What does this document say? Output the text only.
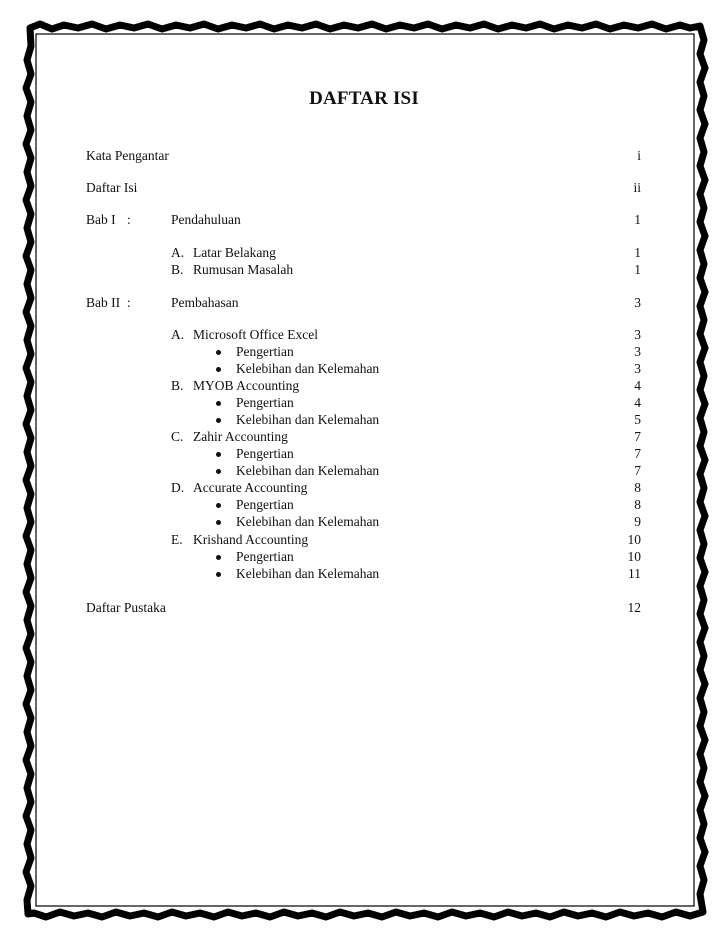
DAFTAR ISI
Kata Pengantar	i
Daftar Isi	ii
Bab I :	Pendahuluan	1
A. Latar Belakang	1
B. Rumusan Masalah	1
Bab II :	Pembahasan	3
A. Microsoft Office Excel	3
Pengertian	3
Kelebihan dan Kelemahan	3
B. MYOB Accounting	4
Pengertian	4
Kelebihan dan Kelemahan	5
C. Zahir Accounting	7
Pengertian	7
Kelebihan dan Kelemahan	7
D. Accurate Accounting	8
Pengertian	8
Kelebihan dan Kelemahan	9
E. Krishand Accounting	10
Pengertian	10
Kelebihan dan Kelemahan	11
Daftar Pustaka	12
